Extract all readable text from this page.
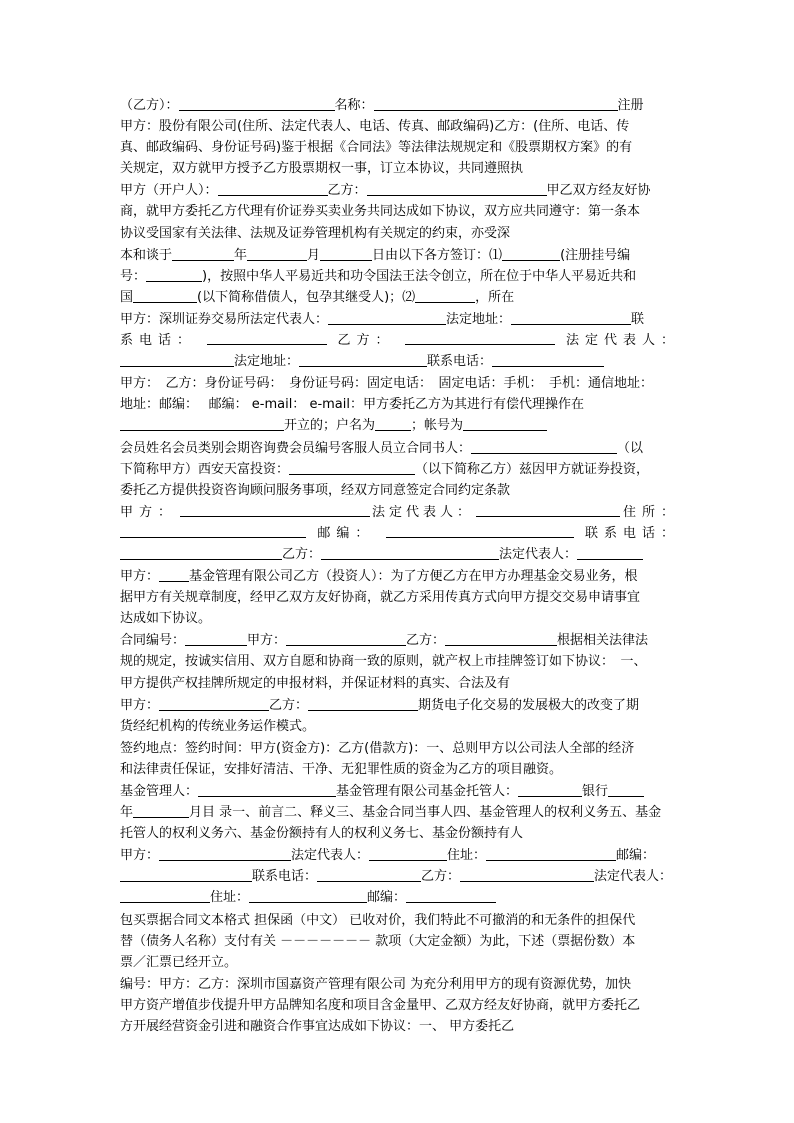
（乙方）：	名称：	注册
甲方：股份有限公司(住所、法定代表人、电话、传真、邮政编码)乙方：(住所、电话、传
真、邮政编码、身份证号码)鉴于根据《合同法》等法律法规规定和《股票期权方案》的有
关规定，双方就甲方授予乙方股票期权一事，订立本协议，共同遵照执
甲方（开户人）：	乙方：	甲乙双方经友好协
商，就甲方委托乙方代理有价证券买卖业务共同达成如下协议，双方应共同遵守：第一条本
协议受国家有关法律、法规及证券管理机构有关规定的约束，亦受深
本和谈于	年	月	日由以下各方签订：⑴	(注册挂号编
号：	)，按照中华人平易近共和功令国法王法令创立，所在位于中华人平易近共和
国	(以下简称借债人，包孕其继受人)；⑵	，所在
甲方：深圳证券交易所法定代表人：	法定地址：	联
系电话：	乙方：	法定代表人：
法定地址：	联系电话：
甲方：　乙方：身份证号码：　身份证号码：固定电话：　固定电话：手机：　手机：通信地址：
地址：邮编：　 邮编： e-mail： e-mail：甲方委托乙方为其进行有偿代理操作在
开立的；户名为	；帐号为
会员姓名会员类别会期咨询费会员编号客服人员立合同书人：	（以
下简称甲方）西安天富投资：	（以下简称乙方）兹因甲方就证券投资，
委托乙方提供投资咨询顾问服务事项，经双方同意签定合同约定条款
甲方：	法定代表人：	住所：
邮编：	联系电话：
乙方：	法定代表人：
甲方： 基金管理有限公司乙方（投资人）：为了方便乙方在甲方办理基金交易业务，根
据甲方有关规章制度，经甲乙双方友好协商，就乙方采用传真方式向甲方提交交易申请事宜
达成如下协议。
合同编号：	甲方：	乙方：	根据相关法律法
规的规定，按诚实信用、双方自愿和协商一致的原则，就产权上市挂牌签订如下协议：　一、
甲方提供产权挂牌所规定的申报材料，并保证材料的真实、合法及有
甲方：	乙方：	期货电子化交易的发展极大的改变了期
货经纪机构的传统业务运作模式。
签约地点：签约时间：甲方(资金方)：乙方(借款方)：一、总则甲方以公司法人全部的经济
和法律责任保证，安排好清洁、干净、无犯罪性质的资金为乙方的项目融资。
基金管理人：	基金管理有限公司基金托管人：	银行
年	月目 录一、前言二、释义三、基金合同当事人四、基金管理人的权利义务五、基金
托管人的权利义务六、基金份额持有人的权利义务七、基金份额持有人
甲方：	法定代表人：	住址：	邮编：
联系电话：	乙方：	法定代表人：
住址：	邮编：
包买票据合同文本格式 担保函（中文） 已收对价，我们特此不可撤消的和无条件的担保代
替（债务人名称）支付有关 －－－－－－－ 款项（大定金额）为此，下述（票据份数）本
票／汇票已经开立。
编号：甲方：乙方：深圳市国嘉资产管理有限公司 为充分利用甲方的现有资源优势，加快
甲方资产增值步伐提升甲方品牌知名度和项目含金量甲、乙双方经友好协商，就甲方委托乙
方开展经营资金引进和融资合作事宜达成如下协议：一、 甲方委托乙
